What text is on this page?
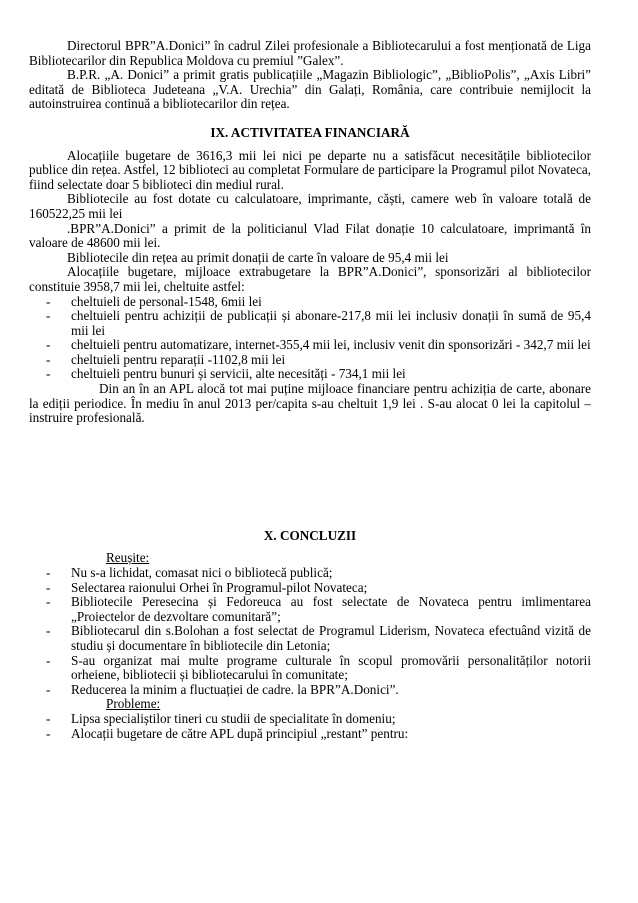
Directorul BPR”A.Donici” în cadrul Zilei profesionale a Bibliotecarului a fost menționată de Liga Bibliotecarilor din Republica Moldova cu premiul ”Galex”.

B.P.R. „A. Donici” a primit gratis publicațiile „Magazin Bibliologic”, „BiblioPolis”, „Axis Libri” editată de Biblioteca Judeteana „V.A. Urechia” din Galați, România, care contribuie nemijlocit la autoinstruirea continuă a bibliotecarilor din rețea.

IX. ACTIVITATEA FINANCIARĂ

Alocațiile bugetare de 3616,3 mii lei nici pe departe nu a satisfăcut necesitățile bibliotecilor publice din rețea. Astfel, 12 biblioteci au completat Formulare de participare la Programul pilot Novateca, fiind selectate doar 5 biblioteci din mediul rural.

Bibliotecile au fost dotate cu calculatoare, imprimante, căști, camere web în valoare totală de 160522,25 mii lei

.BPR”A.Donici” a primit de la politicianul Vlad Filat donație 10 calculatoare, imprimantă în valoare de 48600 mii lei.

Bibliotecile din rețea au primit donații de carte în valoare de 95,4 mii lei

Alocațiile bugetare, mijloace extrabugetare la BPR”A.Donici”, sponsorizări al bibliotecilor constituie 3958,7 mii lei, cheltuite astfel:

- cheltuieli de personal-1548, 6mii lei
- cheltuieli pentru achiziții de publicații și abonare-217,8 mii lei inclusiv donații în sumă de 95,4 mii lei
- cheltuieli pentru automatizare, internet-355,4 mii lei, inclusiv venit din sponsorizări - 342,7 mii lei
- cheltuieli pentru reparații -1102,8 mii lei
- cheltuieli pentru bunuri și servicii, alte necesități - 734,1 mii lei

Din an în an APL alocă tot mai puține mijloace financiare pentru achiziția de carte, abonare la ediții periodice. În mediu în anul 2013 per/capita s-au cheltuit 1,9 lei . S-au alocat 0 lei la capitolul –instruire profesională.

X. CONCLUZII

Reușite:

- Nu s-a lichidat, comasat nici o bibliotecă publică;
- Selectarea raionului Orhei în Programul-pilot Novateca;
- Bibliotecile Peresecina și Fedoreuca au fost selectate de Novateca pentru imlimentarea „Proiectelor de dezvoltare comunitară”;
- Bibliotecarul din s.Bolohan a fost selectat de Programul Liderism, Novateca efectuând vizită de studiu și documentare în bibliotecile din Letonia;
- S-au organizat mai multe programe culturale în scopul promovării personalităților notorii orheiene, bibliotecii și bibliotecarului în comunitate;
- Reducerea la minim a fluctuației de cadre. la BPR”A.Donici”.

Probleme:

- Lipsa specialiștilor tineri cu studii de specialitate în domeniu;
- Alocații bugetare de către APL după principiul „restant” pentru:
